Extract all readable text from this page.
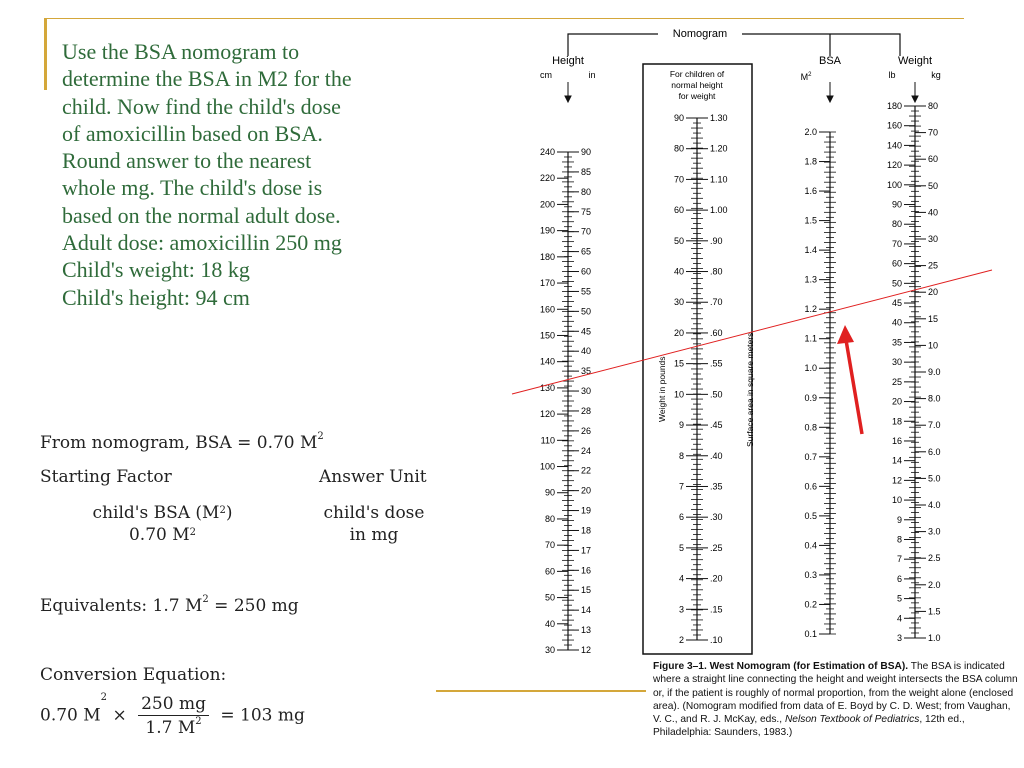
Use the BSA nomogram to
determine the BSA in M2 for the
child. Now find the child's dose
of amoxicillin based on BSA.
Round answer to the nearest
whole mg. The child's dose is
based on the normal adult dose.
Adult dose: amoxicillin 250 mg
Child's weight: 18 kg
Child's height: 94 cm
From nomogram, BSA = 0.70 $M^2$
Starting Factor	Answer Unit
child's BSA $(M^2)$
0.70 $M^2$
child's dose
in mg
Equivalents: 1.7 $M^2 = 250$ mg
Conversion Equation:
0.70 $M^2 \times \frac{250 mg}{1.7 M^2} = 103$ mg
Nomogram
Height
cm	in
BSA
$M^2$
Weight
lb	kg
For children of
normal height
for weight
Weight in pounds	Surface area in square meters
240
220
200
190
180
170
160
150
140
130
120
110
100
90
80
70
60
50
40
30
90
85
80
75
70
65
60
55
50
45
40
35
30
28
26
24
22
20
19
18
17
16
15
14
13
12
90
80
70
60
50
40
30
20
15
10
9
8
7
6
5
4
3
2
1.30
1.20
1.10
1.00
.90
.80
.70
.60
.55
.50
.45
.40
.35
.30
.25
.20
.15
.10
2.0
1.8
1.6
1.5
1.4
1.3
1.2
1.1
1.0
0.9
0.8
0.7
0.6
0.5
0.4
0.3
0.2
0.1
180
160
140
120
100
90
80
70
60
50
45
40
35
30
25
20
18
16
14
12
10
9
8
7
6
5
4
3
80
70
60
50
40
30
25
20
15
10
9.0
8.0
7.0
6.0
5.0
4.0
3.0
2.5
2.0
1.5
1.0
Figure 3–1. West Nomogram (for Estimation of BSA). The BSA is indicated where a straight line connecting the height and weight intersects the BSA column or, if the patient is roughly of normal proportion, from the weight alone (enclosed area). (Nomogram modified from data of E. Boyd by C. D. West; from Vaughan, V. C., and R. J. McKay, eds., Nelson Textbook of Pediatrics, 12th ed., Philadelphia: Saunders, 1983.)
